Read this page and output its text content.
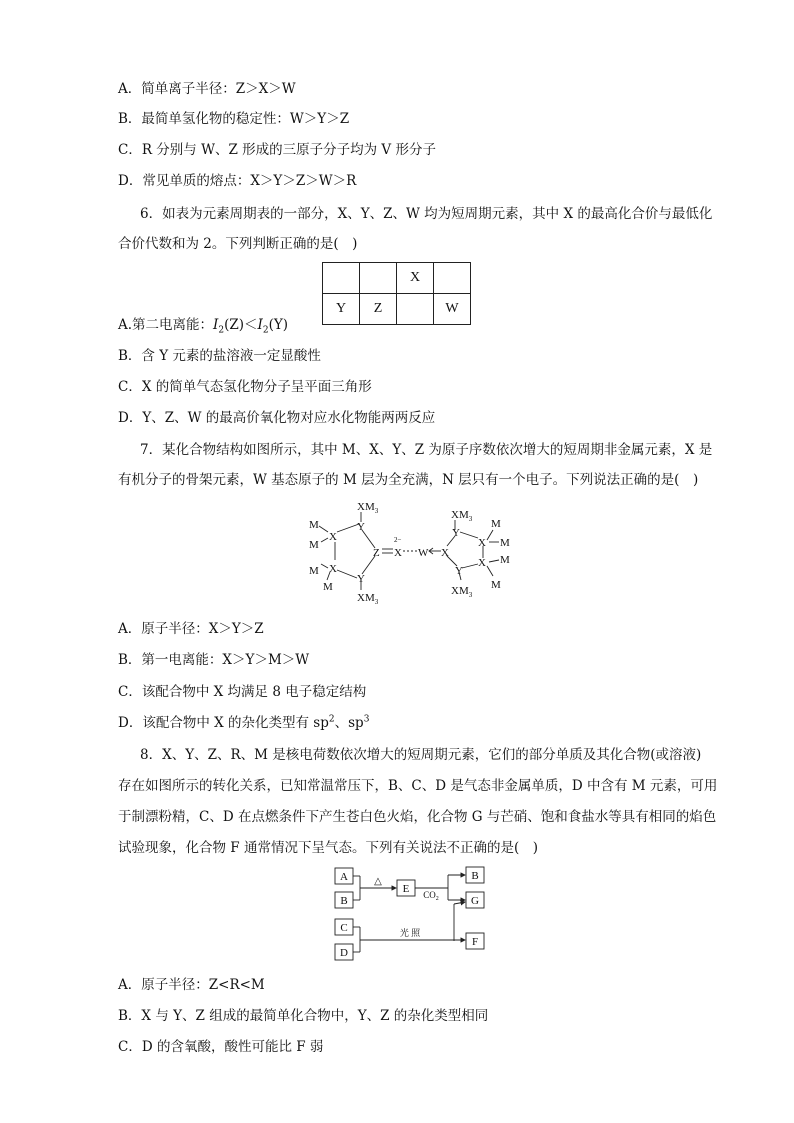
A．简单离子半径：Z＞X＞W
B．最简单氢化物的稳定性：W＞Y＞Z
C．R 分别与 W、Z 形成的三原子分子均为 V 形分子
D．常见单质的熔点：X＞Y＞Z＞W＞R
6．如表为元素周期表的一部分，X、Y、Z、W 均为短周期元素，其中 X 的最高化合价与最低化
合价代数和为 2。下列判断正确的是(　)
		X	
Y	Z		W
A.第二电离能：$I_2(Z)<I_2(Y)$
B．含 Y 元素的盐溶液一定显酸性
C．X 的简单气态氢化物分子呈平面三角形
D．Y、Z、W 的最高价氧化物对应水化物能两两反应
7．某化合物结构如图所示，其中 M、X、Y、Z 为原子序数依次增大的短周期非金属元素，X 是
有机分子的骨架元素，W 基态原子的 M 层为全充满，N 层只有一个电子。下列说法正确的是(　)
$XM_3$
Y
M
X
M
M X
M
Y
$XM_3$
Z X
2−
W X
$XM_3$
Y
X
M
M
X M
M
Y
$XM_3$
A．原子半径：X＞Y＞Z
B．第一电离能：X＞Y＞M＞W
C．该配合物中 X 均满足 8 电子稳定结构
D．该配合物中 X 的杂化类型有 $sp^2$、$sp^3$
8．X、Y、Z、R、M 是核电荷数依次增大的短周期元素，它们的部分单质及其化合物(或溶液)
存在如图所示的转化关系，已知常温常压下，B、C、D 是气态非金属单质，D 中含有 M 元素，可用
于制漂粉精，C、D 在点燃条件下产生苍白色火焰，化合物 G 与芒硝、饱和食盐水等具有相同的焰色
试验现象，化合物 F 通常情况下呈气态。下列有关说法不正确的是(　)
A
B
C
D
E
B
G
F
△
$CO_2$
光 照
A．原子半径：Z<R<M
B．X 与 Y、Z 组成的最简单化合物中，Y、Z 的杂化类型相同
C．D 的含氧酸，酸性可能比 F 弱
